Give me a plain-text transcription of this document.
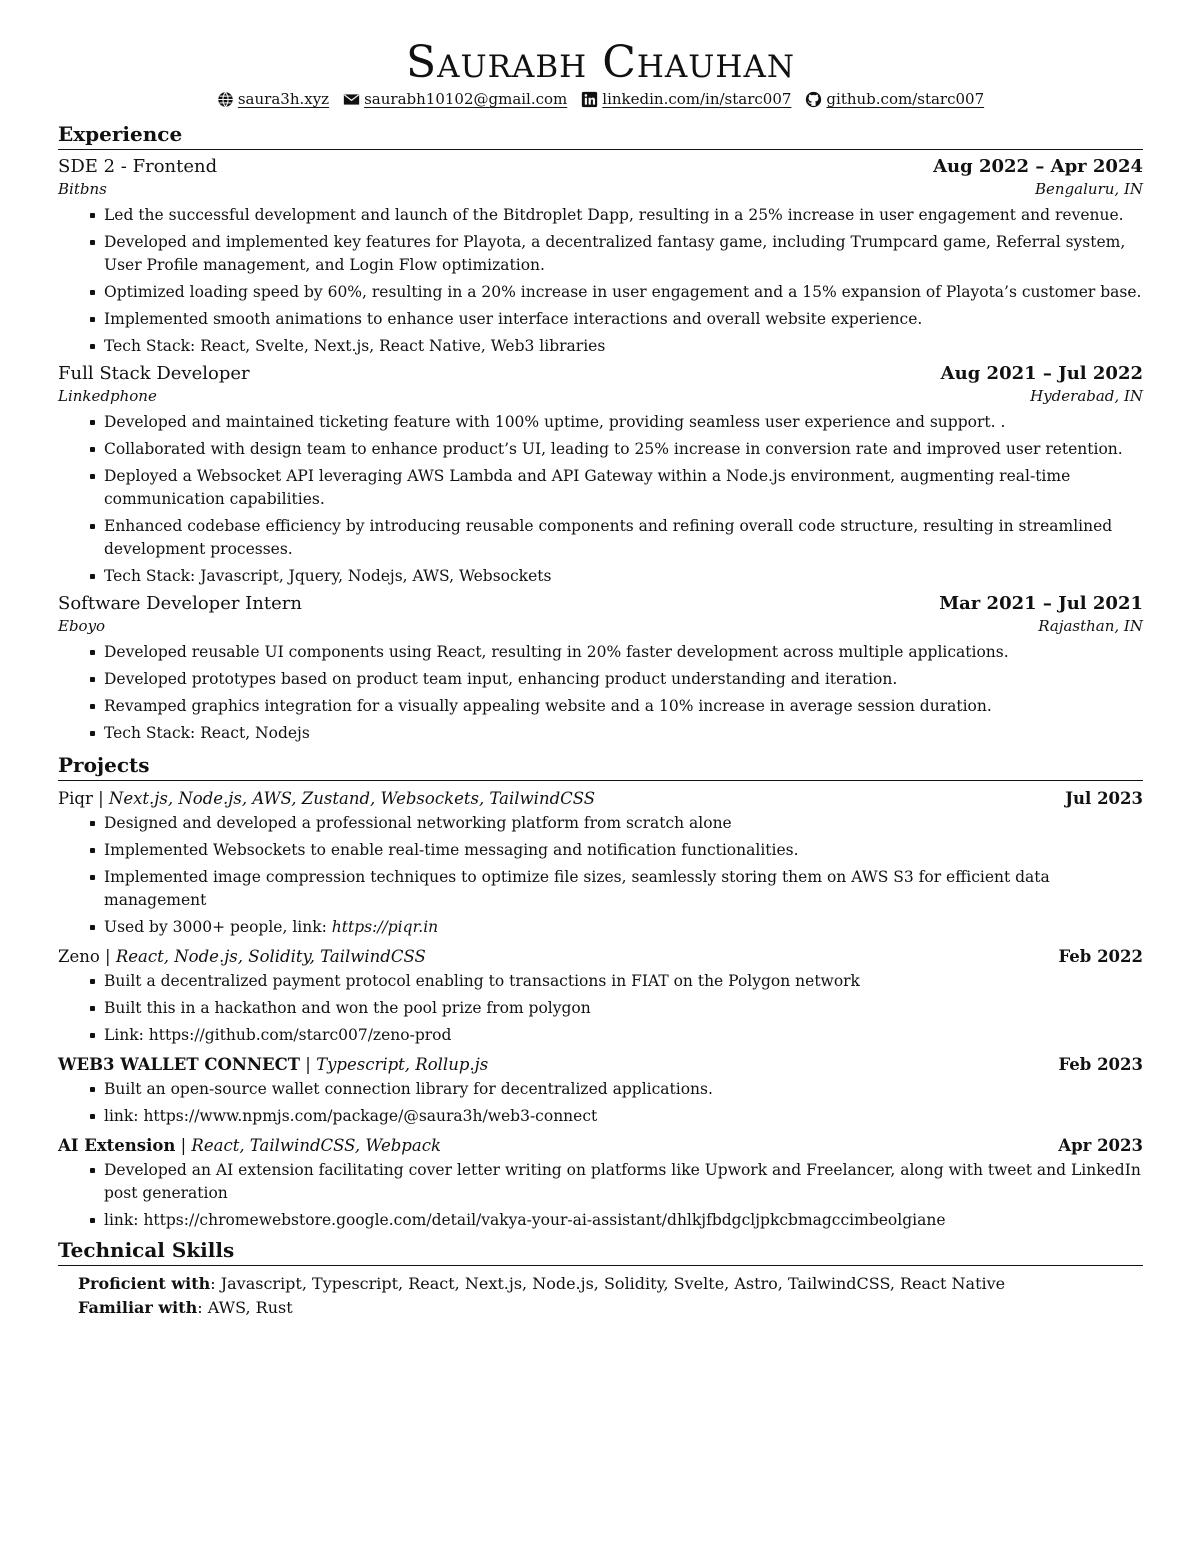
Saurabh Chauhan
saura3h.xyz saurabh10102@gmail.com linkedin.com/in/starc007 github.com/starc007
Experience
SDE 2 - Frontend	Aug 2022 – Apr 2024
Bitbns	Bengaluru, IN
Led the successful development and launch of the Bitdroplet Dapp, resulting in a 25% increase in user engagement and revenue.
Developed and implemented key features for Playota, a decentralized fantasy game, including Trumpcard game, Referral system, User Profile management, and Login Flow optimization.
Optimized loading speed by 60%, resulting in a 20% increase in user engagement and a 15% expansion of Playota’s customer base.
Implemented smooth animations to enhance user interface interactions and overall website experience.
Tech Stack: React, Svelte, Next.js, React Native, Web3 libraries
Full Stack Developer	Aug 2021 – Jul 2022
Linkedphone	Hyderabad, IN
Developed and maintained ticketing feature with 100% uptime, providing seamless user experience and support. .
Collaborated with design team to enhance product’s UI, leading to 25% increase in conversion rate and improved user retention.
Deployed a Websocket API leveraging AWS Lambda and API Gateway within a Node.js environment, augmenting real-time communication capabilities.
Enhanced codebase efficiency by introducing reusable components and refining overall code structure, resulting in streamlined development processes.
Tech Stack: Javascript, Jquery, Nodejs, AWS, Websockets
Software Developer Intern	Mar 2021 – Jul 2021
Eboyo	Rajasthan, IN
Developed reusable UI components using React, resulting in 20% faster development across multiple applications.
Developed prototypes based on product team input, enhancing product understanding and iteration.
Revamped graphics integration for a visually appealing website and a 10% increase in average session duration.
Tech Stack: React, Nodejs
Projects
Piqr | Next.js, Node.js, AWS, Zustand, Websockets, TailwindCSS	Jul 2023
Designed and developed a professional networking platform from scratch alone
Implemented Websockets to enable real-time messaging and notification functionalities.
Implemented image compression techniques to optimize file sizes, seamlessly storing them on AWS S3 for efficient data management
Used by 3000+ people, link: https://piqr.in
Zeno | React, Node.js, Solidity, TailwindCSS	Feb 2022
Built a decentralized payment protocol enabling to transactions in FIAT on the Polygon network
Built this in a hackathon and won the pool prize from polygon
Link: https://github.com/starc007/zeno-prod
WEB3 WALLET CONNECT | Typescript, Rollup.js	Feb 2023
Built an open-source wallet connection library for decentralized applications.
link: https://www.npmjs.com/package/@saura3h/web3-connect
AI Extension | React, TailwindCSS, Webpack	Apr 2023
Developed an AI extension facilitating cover letter writing on platforms like Upwork and Freelancer, along with tweet and LinkedIn post generation
link: https://chromewebstore.google.com/detail/vakya-your-ai-assistant/dhlkjfbdgcljpkcbmagccimbeolgiane
Technical Skills
Proficient with: Javascript, Typescript, React, Next.js, Node.js, Solidity, Svelte, Astro, TailwindCSS, React Native
Familiar with: AWS, Rust
